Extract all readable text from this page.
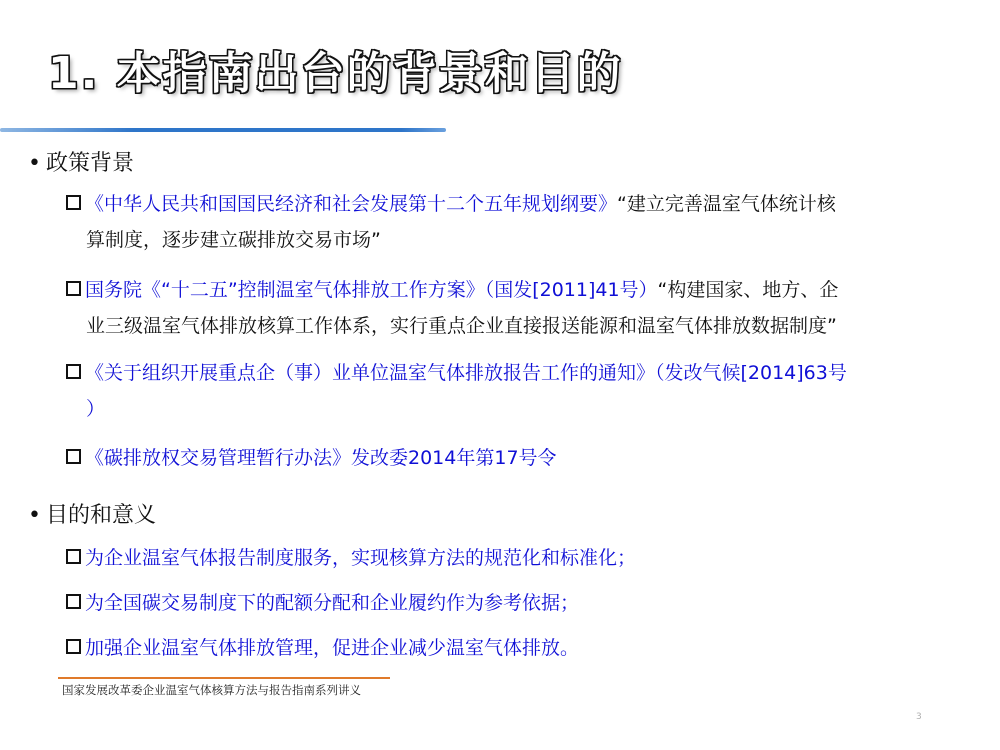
1. 本指南出台的背景和目的
• 政策背景
《中华人民共和国国民经济和社会发展第十二个五年规划纲要》“建立完善温室气体统计核
算制度，逐步建立碳排放交易市场”
国务院《“十二五”控制温室气体排放工作方案》（国发[2011]41号）“构建国家、地方、企
业三级温室气体排放核算工作体系，实行重点企业直接报送能源和温室气体排放数据制度”
《关于组织开展重点企（事）业单位温室气体排放报告工作的通知》（发改气候[2014]63号
）
《碳排放权交易管理暂行办法》发改委2014年第17号令
• 目的和意义
为企业温室气体报告制度服务，实现核算方法的规范化和标准化；
为全国碳交易制度下的配额分配和企业履约作为参考依据；
加强企业温室气体排放管理，促进企业减少温室气体排放。
国家发展改革委企业温室气体核算方法与报告指南系列讲义
3
